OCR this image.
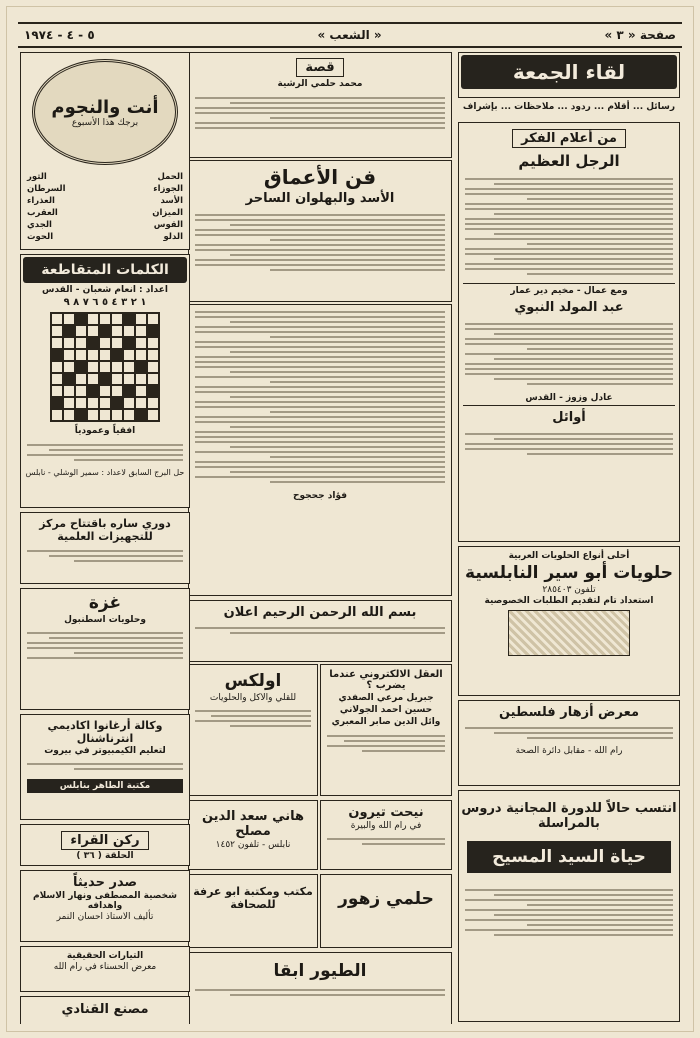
صفحة « ٣ »
« الشعب »
٥ - ٤ - ١٩٧٤
لقاء الجمعة
رسائل ... أقلام ... ردود ... ملاحظات ... بإشراف
من أعلام الفكر
الرجل العظيم
ومع عمال - مخيم دير عمار
عبد المولد النبوي
عادل وزوز - القدس
أوائل
أحلى أنواع الحلويات العربية
حلويات أبو سير النابلسية
تلفون ٢٨٥٤٠٣
استعداد تام لتقديم الطلبات الخصوصية
معرض أزهار فلسطين
رام الله - مقابل دائرة الصحة
انتسب حالاً للدورة المجانية دروس بالمراسلة
حياة السيد المسيح
فن الأعماق
الأسد والبهلوان الساحر
قصة
محمد حلمي الرشية
فؤاد جحجوح
بسم الله الرحمن الرحيم اعلان
العقل الالكتروني عندما يضرب ؟
جبريل مرعي الصفدي
حسين احمد الجولاني
وائل الدين صابر المعبري
اولكس
للقلي والاكل والحلويات
نيحت تيرون
في رام الله والبيرة
هاني سعد الدين مصلح
نابلس - تلفون ١٤٥٢
حلمي زهور
مكتب ومكتبة ابو عرفة للصحافة
الطيور ابقا
أنت والنجوم
برجك هذا الأسبوع
الحمل
الثور
الجوزاء
السرطان
الأسد
العذراء
الميزان
العقرب
القوس
الجدي
الدلو
الحوت
الكلمات المتقاطعة
اعداد : انعام شعبان - القدس
١ ٢ ٣ ٤ ٥ ٦ ٧ ٨ ٩
افقياً وعمودياً
حل البرج السابق لاعداد : سمير الوشلي - نابلس
دوري ساره باقتتاح مركز للتجهيزات العلمية
غزة
وحلويات اسطنبول
وكالة أرغانوا اكاديمي انترناشنال
لتعليم الكيمبيوتر في بيروت
مكتبة الطاهر بنابلس
ركن القراء
الحلقة ( ٣٦ )
صدر حديثاً
شخصية المصطفى ونهار الاسلام واهدافه
تأليف الاستاذ احسان النمر
التيارات الحقيقية
معرض الحسناء في رام الله
مصنع القنادي
